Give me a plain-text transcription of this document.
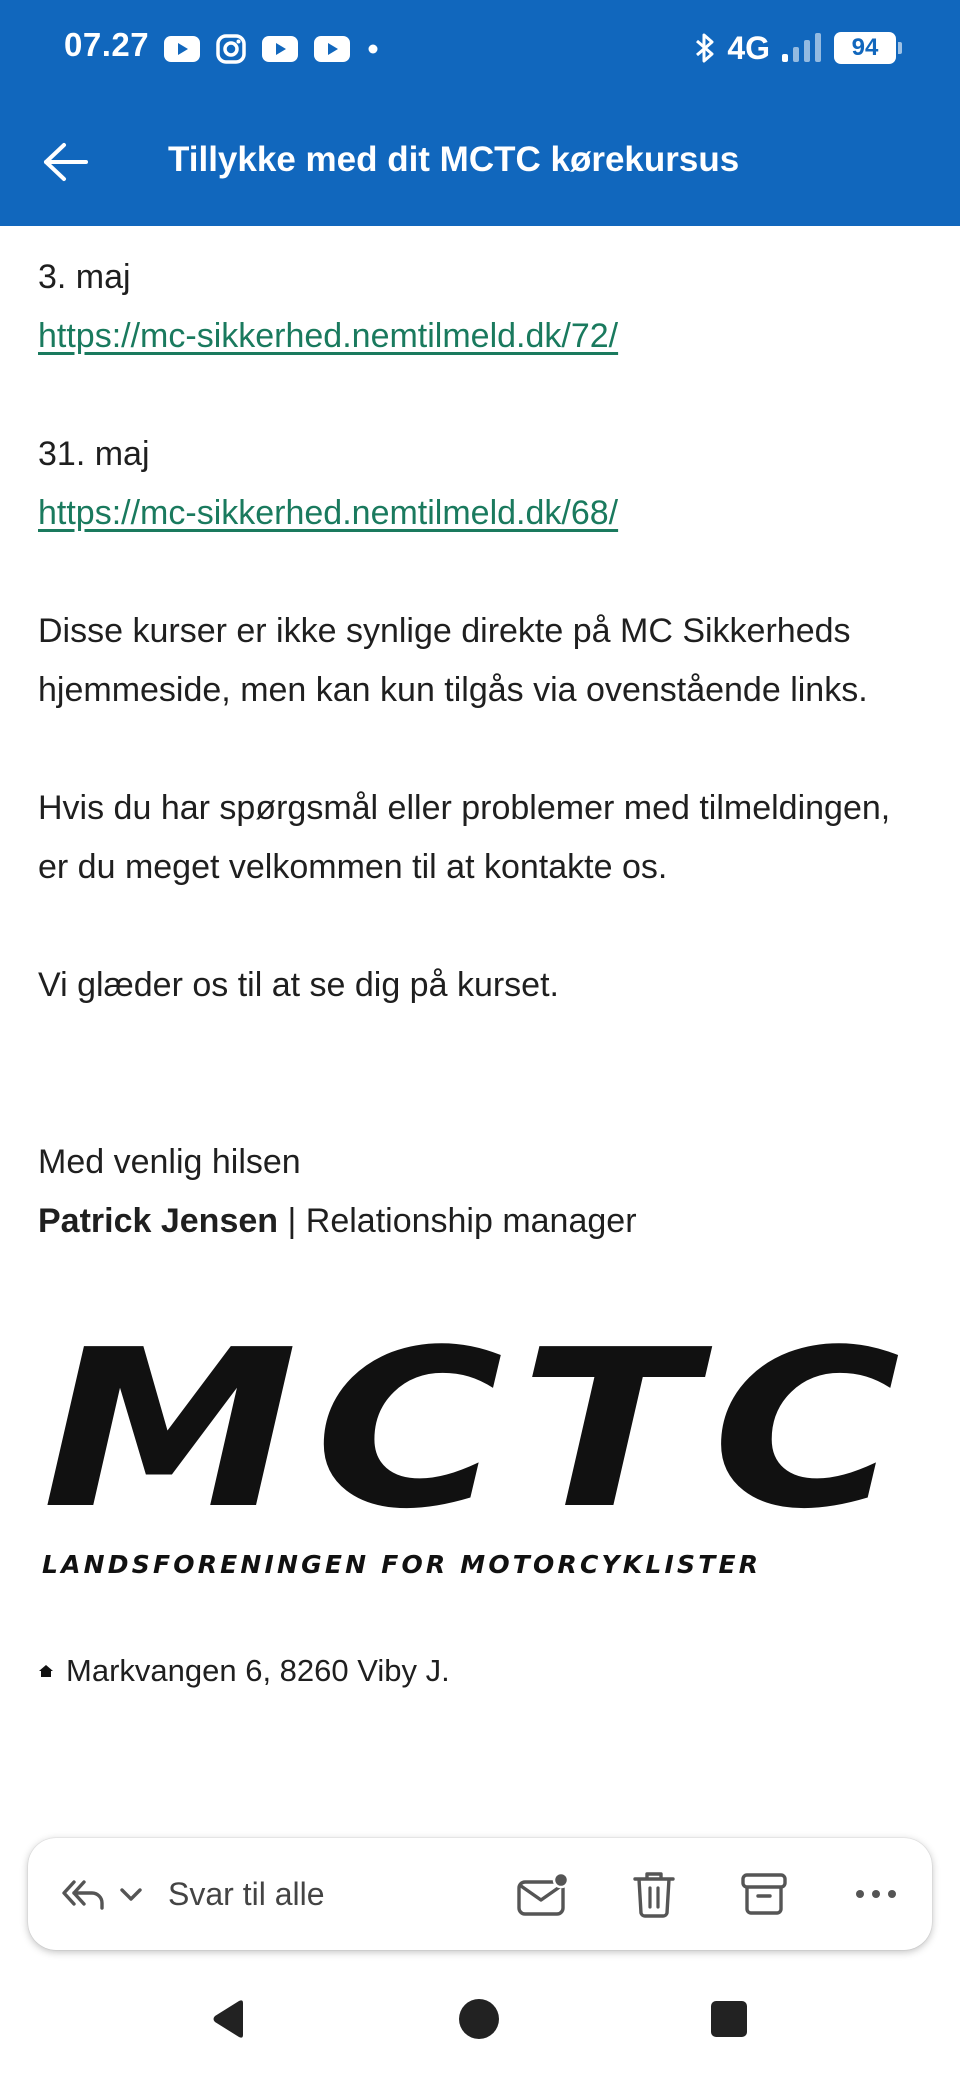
07.27	4G	94
Tillykke med dit MCTC kørekursus

3. maj

https://mc-sikkerhed.nemtilmeld.dk/72/

31. maj

https://mc-sikkerhed.nemtilmeld.dk/68/

Disse kurser er ikke synlige direkte på MC Sikkerheds hjemmeside, men kan kun tilgås via ovenstående links.

Hvis du har spørgsmål eller problemer med tilmeldingen, er du meget velkommen til at kontakte os.

Vi glæder os til at se dig på kurset.

Med venlig hilsen

Patrick Jensen | Relationship manager

MCTC
LANDSFORENINGEN FOR MOTORCYKLISTER
Markvangen 6, 8260 Viby J.
Svar til alle
